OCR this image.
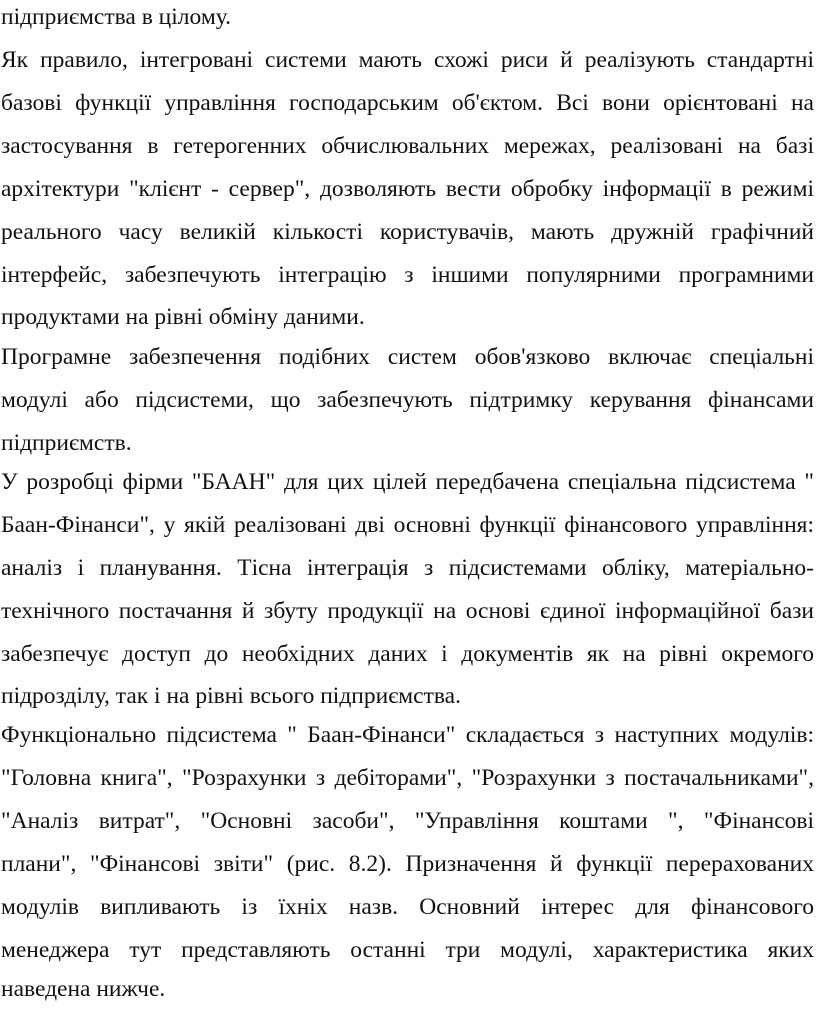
підприємства в цілому.
Як правило, інтегровані системи мають схожі риси й реалізують стандартні
базові функції управління господарським об'єктом. Всі вони орієнтовані на
застосування в гетерогенних обчислювальних мережах, реалізовані на базі
архітектури "клієнт - сервер", дозволяють вести обробку інформації в режимі
реального часу великій кількості користувачів, мають дружній графічний
інтерфейс, забезпечують інтеграцію з іншими популярними програмними
продуктами на рівні обміну даними.
Програмне забезпечення подібних систем обов'язково включає спеціальні
модулі або підсистеми, що забезпечують підтримку керування фінансами
підприємств.
У розробці фірми "БААН" для цих цілей передбачена спеціальна підсистема "
Баан-Фінанси", у якій реалізовані дві основні функції фінансового управління:
аналіз і планування. Тісна інтеграція з підсистемами обліку, матеріально-
технічного постачання й збуту продукції на основі єдиної інформаційної бази
забезпечує доступ до необхідних даних і документів як на рівні окремого
підрозділу, так і на рівні всього підприємства.
Функціонально підсистема " Баан-Фінанси" складається з наступних модулів:
"Головна книга", "Розрахунки з дебіторами", "Розрахунки з постачальниками",
"Аналіз витрат", "Основні засоби", "Управління коштами ", "Фінансові
плани", "Фінансові звіти" (рис. 8.2). Призначення й функції перерахованих
модулів випливають із їхніх назв. Основний інтерес для фінансового
менеджера тут представляють останні три модулі, характеристика яких
наведена нижче.
